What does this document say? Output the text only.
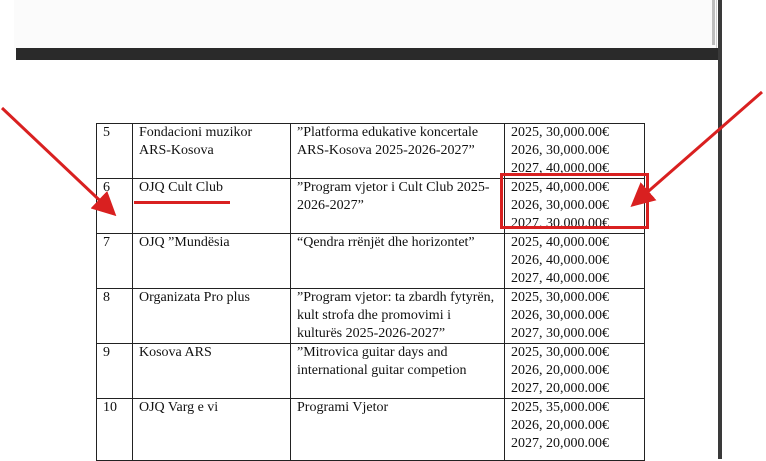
5	Fondacioni muzikor
ARS-Kosova	”Platforma edukative koncertale
ARS-Kosova 2025-2026-2027”	2025, 30,000.00€
2026, 30,000.00€
2027, 40,000.00€
6	OJQ Cult Club	”Program vjetor i Cult Club 2025-
2026-2027”	2025, 40,000.00€
2026, 30,000.00€
2027, 30,000.00€
7	OJQ ”Mundësia	“Qendra rrënjët dhe horizontet”	2025, 40,000.00€
2026, 40,000.00€
2027, 40,000.00€
8	Organizata Pro plus	”Program vjetor: ta zbardh fytyrën,
kult strofa dhe promovimi i
kulturës 2025-2026-2027”	2025, 30,000.00€
2026, 30,000.00€
2027, 30,000.00€
9	Kosova ARS	”Mitrovica guitar days and
international guitar competion	2025, 30,000.00€
2026, 20,000.00€
2027, 20,000.00€
10	OJQ Varg e vi	Programi Vjetor	2025, 35,000.00€
2026, 20,000.00€
2027, 20,000.00€
